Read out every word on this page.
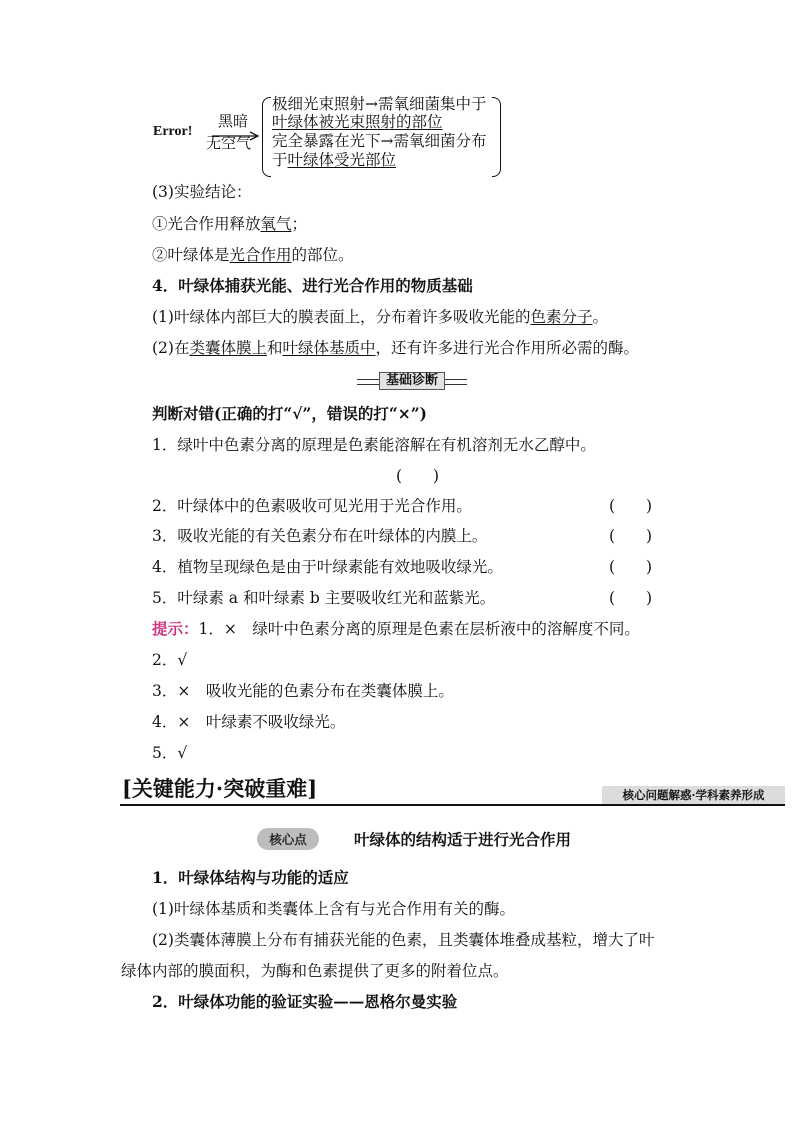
Error!
黑暗
无空气
极细光束照射→需氧细菌集中于
叶绿体被光束照射的部位
完全暴露在光下→需氧细菌分布
于叶绿体受光部位
(3)实验结论：
①光合作用释放氧气；
②叶绿体是光合作用的部位。
4．叶绿体捕获光能、进行光合作用的物质基础
(1)叶绿体内部巨大的膜表面上，分布着许多吸收光能的色素分子。
(2)在类囊体膜上和叶绿体基质中，还有许多进行光合作用所必需的酶。
基础诊断
判断对错(正确的打“√”，错误的打“×”)
1．绿叶中色素分离的原理是色素能溶解在有机溶剂无水乙醇中。
(　　)
2．叶绿体中的色素吸收可见光用于光合作用。	(　　)
3．吸收光能的有关色素分布在叶绿体的内膜上。	(　　)
4．植物呈现绿色是由于叶绿素能有效地吸收绿光。	(　　)
5．叶绿素 a 和叶绿素 b 主要吸收红光和蓝紫光。	(　　)
提示：1．×　绿叶中色素分离的原理是色素在层析液中的溶解度不同。
2．√
3．×　吸收光能的色素分布在类囊体膜上。
4．×　叶绿素不吸收绿光。
5．√
[关键能力·突破重难]	核心问题解惑·学科素养形成
核心点	叶绿体的结构适于进行光合作用
1．叶绿体结构与功能的适应
(1)叶绿体基质和类囊体上含有与光合作用有关的酶。
(2)类囊体薄膜上分布有捕获光能的色素，且类囊体堆叠成基粒，增大了叶
绿体内部的膜面积，为酶和色素提供了更多的附着位点。
2．叶绿体功能的验证实验——恩格尔曼实验
